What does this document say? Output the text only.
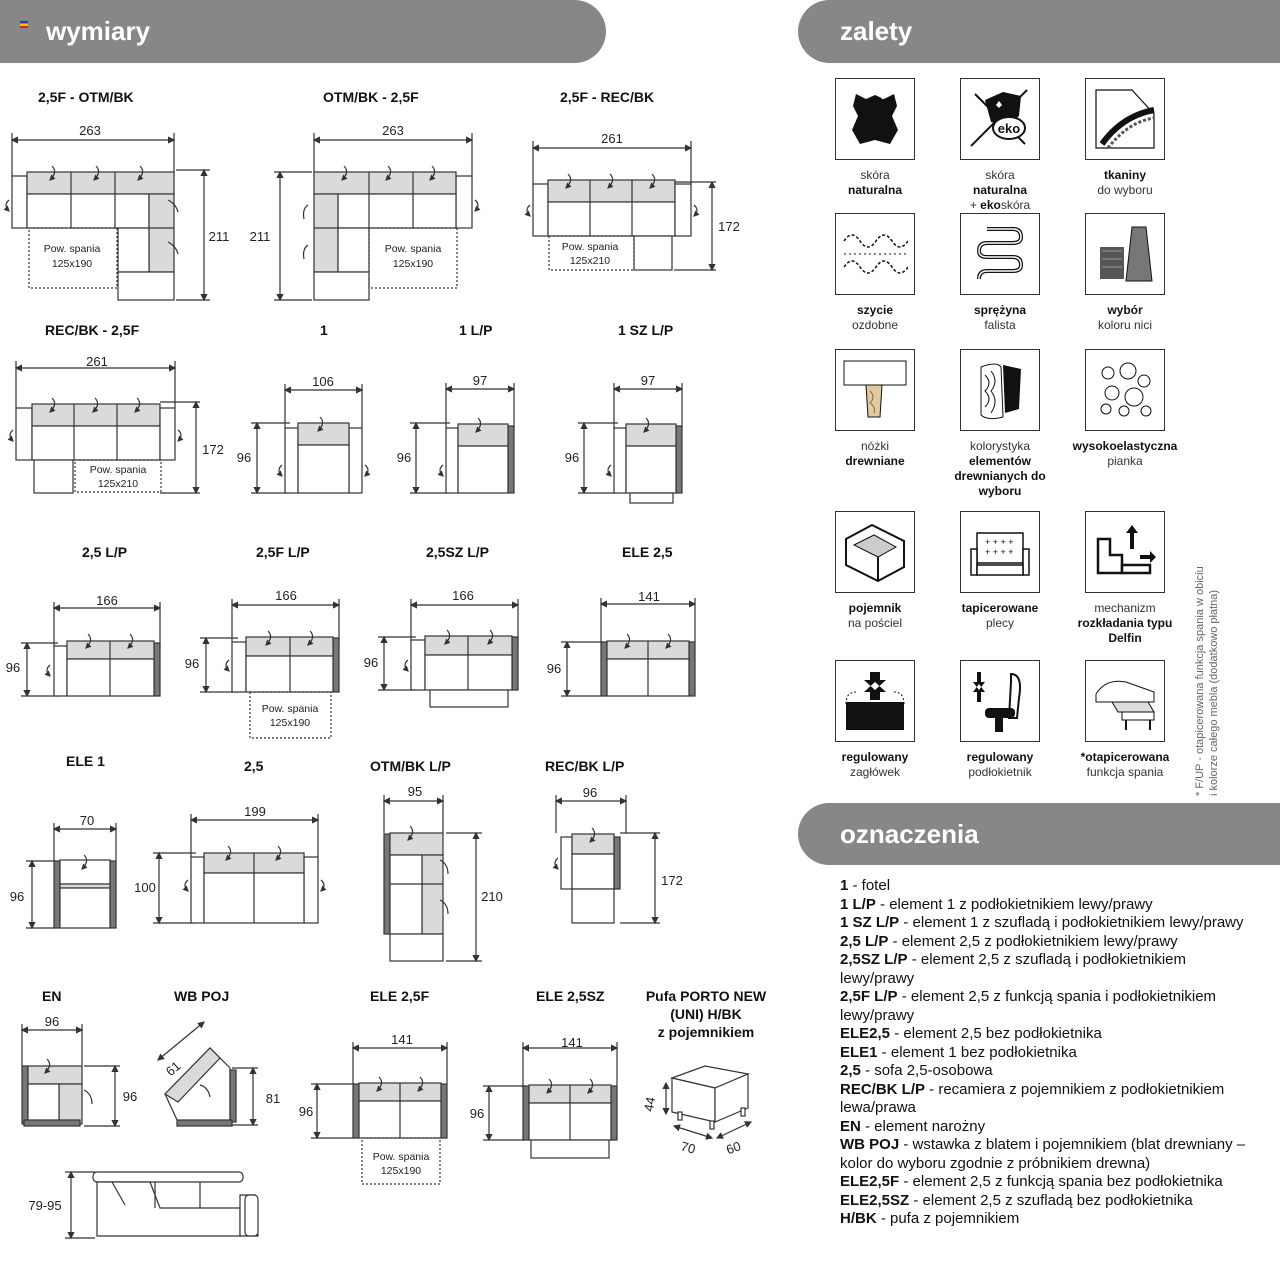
wymiary	zalety
oznaczenia
2,5F - OTM/BK	OTM/BK - 2,5F	2,5F - REC/BK
REC/BK - 2,5F	1	1 L/P	1 SZ L/P
2,5 L/P	2,5F L/P	2,5SZ L/P	ELE 2,5
ELE 1	2,5	OTM/BK L/P	REC/BK L/P
EN	WB POJ	ELE 2,5F	ELE 2,5SZ	Pufa PORTO NEW
(UNI) H/BK
z pojemnikiem
263
211
Pow. spania
125x190
263
211
Pow. spania
125x190
261
172
Pow. spania
125x210
261
172
Pow. spania
125x210
106
96
97
96
97
96
166
96
166
96
Pow. spania
125x190
166
96
141
96
70
96
199
100
95
210
96
172
96
96
61
81
141
96
Pow. spania
125x190
141
96
44
70 60
79-95
skóra
naturalna
eko
skóra
naturalna
+ ekoskóra
tkaniny
do wyboru
szycie
ozdobne
sprężyna
falista
wybór
koloru nici
nóżki
drewniane
kolorystyka
elementów drewnianych do wyboru
wysokoelastyczna
pianka
pojemnik
na pościel
+ + + +
+ + + +
tapicerowane
plecy
mechanizm
rozkładania typu Delfin
regulowany
zagłówek
regulowany
podłokietnik
*otapicerowana
funkcja spania
* F/UP - otapicerowana funkcja spania w obiciu
i kolorze całego mebla (dodatkowo płatna)
1 - fotel
1 L/P - element 1 z podłokietnikiem lewy/prawy
1 SZ L/P - element 1 z szufladą i podłokietnikiem lewy/prawy
2,5 L/P - element 2,5 z podłokietnikiem lewy/prawy
2,5SZ L/P - element 2,5 z szufladą i podłokietnikiem lewy/prawy
2,5F L/P - element 2,5 z funkcją spania i podłokietnikiem lewy/prawy
ELE2,5 - element 2,5 bez podłokietnika
ELE1 - element 1 bez podłokietnika
2,5 - sofa 2,5-osobowa
REC/BK L/P - recamiera z pojemnikiem z podłokietnikiem lewa/prawa
EN - element narożny
WB POJ - wstawka z blatem i pojemnikiem (blat drewniany – kolor do wyboru zgodnie z próbnikiem drewna)
ELE2,5F - element 2,5 z funkcją spania bez podłokietnika
ELE2,5SZ - element 2,5 z szufladą bez podłokietnika
H/BK - pufa z pojemnikiem
